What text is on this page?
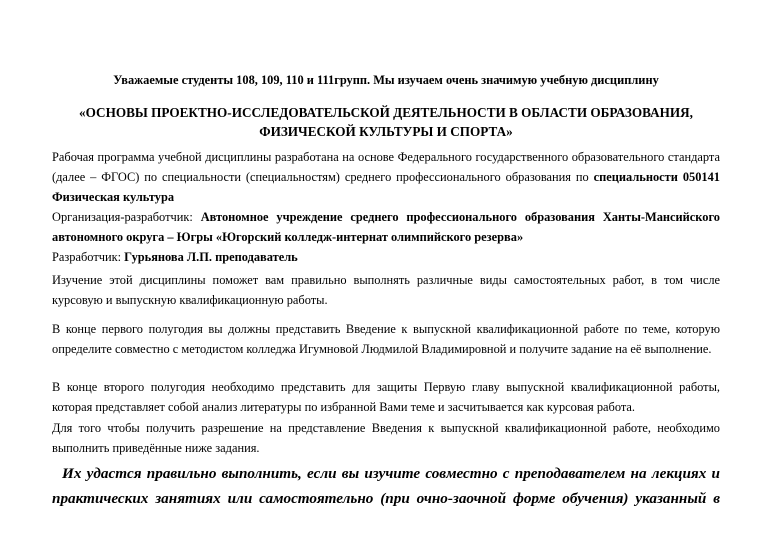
Уважаемые студенты 108, 109, 110 и 111групп. Мы изучаем очень значимую учебную дисциплину
«ОСНОВЫ ПРОЕКТНО-ИССЛЕДОВАТЕЛЬСКОЙ ДЕЯТЕЛЬНОСТИ В ОБЛАСТИ ОБРАЗОВАНИЯ,
ФИЗИЧЕСКОЙ КУЛЬТУРЫ И СПОРТА»

Рабочая программа учебной дисциплины разработана на основе Федерального государственного образовательного стандарта (далее – ФГОС) по специальности (специальностям) среднего профессионального образования по специальности 050141 Физическая культура

Организация-разработчик: Автономное учреждение среднего профессионального образования Ханты-Мансийского автономного округа – Югры «Югорский колледж-интернат олимпийского резерва»

Разработчик: Гурьянова Л.П. преподаватель

Изучение этой дисциплины поможет вам правильно выполнять различные виды самостоятельных работ, в том числе курсовую и выпускную квалификационную работы.

В конце первого полугодия вы должны представить Введение к выпускной квалификационной работе по теме, которую определите совместно с методистом колледжа Игумновой Людмилой Владимировной и получите задание на её выполнение.

В конце второго полугодия необходимо представить для защиты Первую главу выпускной квалификационной работы, которая представляет собой анализ литературы по избранной Вами теме и засчитывается как курсовая работа.

Для того чтобы получить разрешение на представление Введения к выпускной квалификационной работе, необходимо выполнить приведённые ниже задания.

Их удастся правильно выполнить, если вы изучите совместно с преподавателем на лекциях и практических занятиях или самостоятельно (при очно-заочной форме обучения) указанный в
